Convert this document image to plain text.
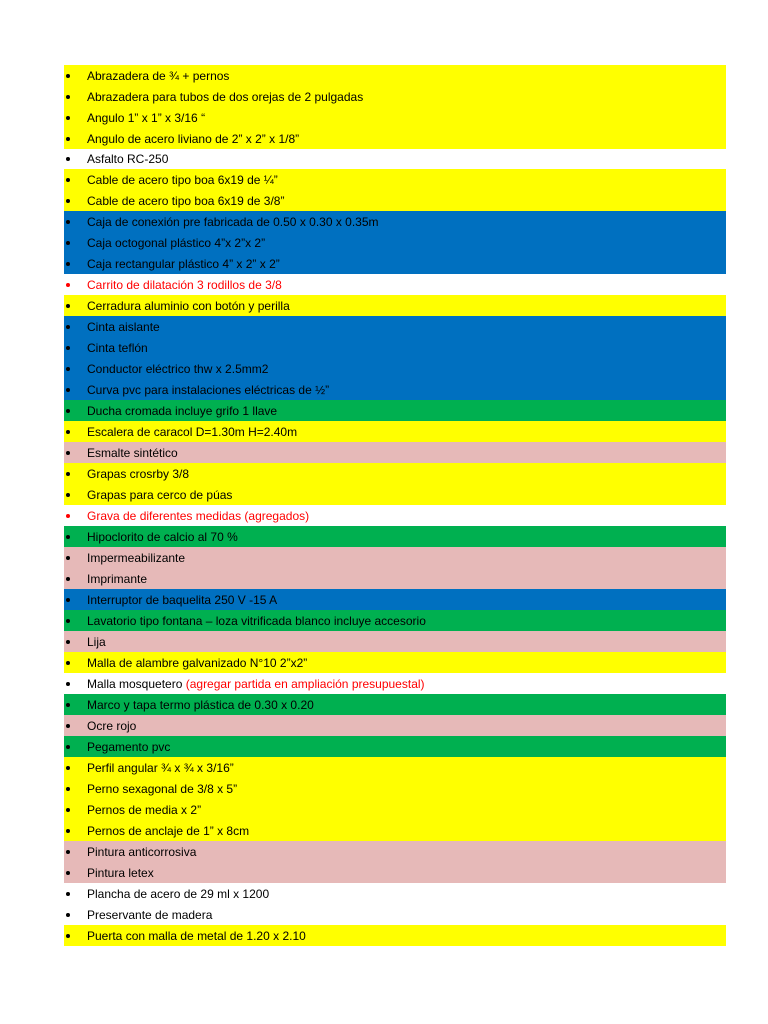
Abrazadera de ¾ + pernos
Abrazadera para tubos de dos orejas de 2 pulgadas
Angulo 1” x 1” x 3/16 “
Angulo de acero liviano de 2” x 2” x 1/8”
Asfalto RC-250
Cable de acero tipo boa 6x19 de ¼”
Cable de acero tipo boa 6x19 de 3/8”
Caja de conexión pre fabricada de 0.50 x 0.30 x 0.35m
Caja octogonal plástico 4”x 2”x 2”
Caja rectangular plástico 4” x 2” x 2”
Carrito de dilatación 3 rodillos de 3/8
Cerradura aluminio con botón y perilla
Cinta aislante
Cinta teflón
Conductor eléctrico thw x 2.5mm2
Curva pvc para instalaciones eléctricas de ½”
Ducha cromada incluye grifo 1 llave
Escalera de caracol D=1.30m H=2.40m
Esmalte sintético
Grapas crosrby 3/8
Grapas para cerco de púas
Grava de diferentes medidas (agregados)
Hipoclorito de calcio al 70 %
Impermeabilizante
Imprimante
Interruptor de baquelita 250 V -15 A
Lavatorio tipo fontana – loza vitrificada blanco incluye accesorio
Lija
Malla de alambre galvanizado N°10 2”x2”
Malla mosquetero (agregar partida en ampliación presupuestal)
Marco y tapa termo plástica de 0.30 x 0.20
Ocre rojo
Pegamento pvc
Perfil angular ¾ x ¾ x 3/16”
Perno sexagonal de 3/8 x 5”
Pernos de media x 2”
Pernos de anclaje de 1” x 8cm
Pintura anticorrosiva
Pintura letex
Plancha de acero de 29 ml x 1200
Preservante de madera
Puerta con malla de metal de 1.20 x 2.10
